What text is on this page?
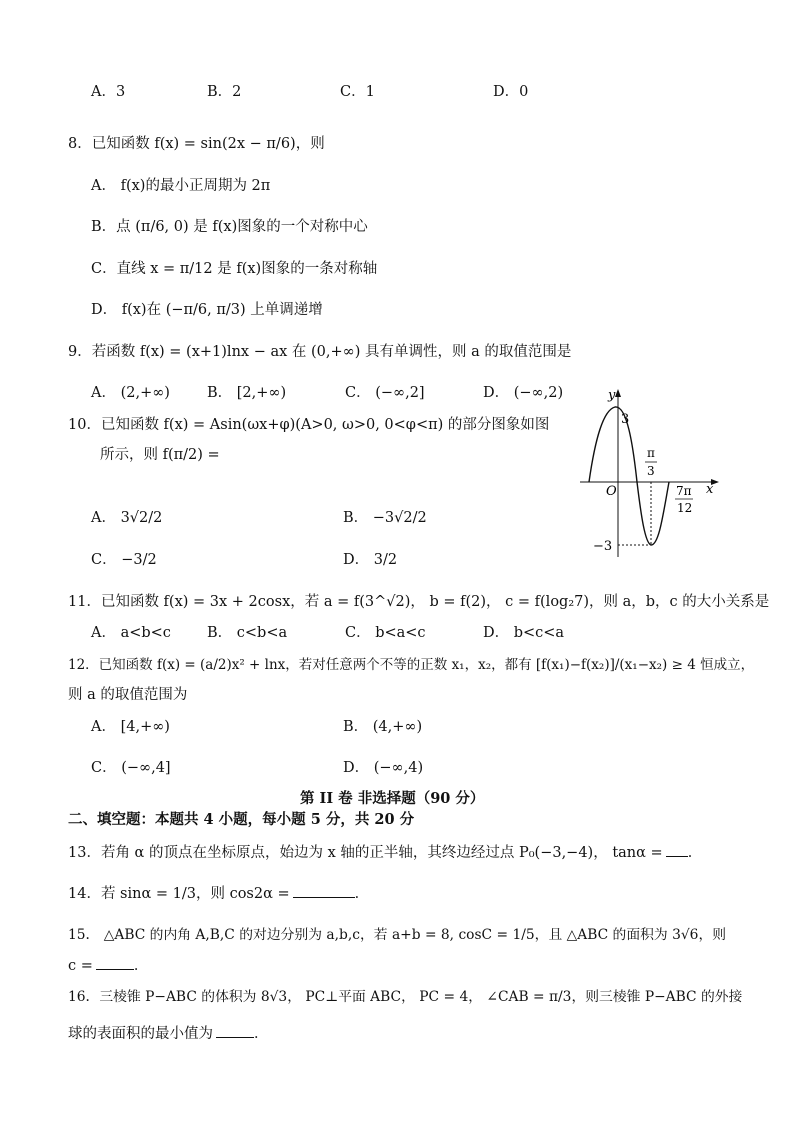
A．3	B．2	C．1	D．0
8．已知函数 f(x) = sin(2x − π/6)，则
A． f(x)的最小正周期为 2π
B．点 (π/6, 0) 是 f(x)图象的一个对称中心
C．直线 x = π/12 是 f(x)图象的一条对称轴
D． f(x)在 (−π/6, π/3) 上单调递增
9．若函数 f(x) = (x+1)lnx − ax 在 (0,+∞) 具有单调性，则 a 的取值范围是
A． (2,+∞)	B． [2,+∞)	C． (−∞,2]	D． (−∞,2)
10．已知函数 f(x) = Asin(ωx+φ)(A>0, ω>0, 0<φ<π) 的部分图象如图
所示，则 f(π/2) =
A． 3√2/2	B． −3√2/2
C． −3/2	D． 3/2
y
x
O
3
−3
π
3
7π
12
11．已知函数 f(x) = 3x + 2cosx，若 a = f(3^√2)， b = f(2)， c = f(log₂7)，则 a，b，c 的大小关系是
A． a<b<c B． c<b<a	C． b<a<c	D． b<c<a
12．已知函数 f(x) = (a/2)x² + lnx，若对任意两个不等的正数 x₁，x₂，都有 [f(x₁)−f(x₂)]/(x₁−x₂) ≥ 4 恒成立，
则 a 的取值范围为
A． [4,+∞)	B． (4,+∞)
C． (−∞,4]	D． (−∞,4)
第 II 卷 非选择题（90 分）
二、填空题：本题共 4 小题，每小题 5 分，共 20 分
13．若角 α 的顶点在坐标原点，始边为 x 轴的正半轴，其终边经过点 P₀(−3,−4)， tanα = ．
14．若 sinα = 1/3，则 cos2α =	．
15． △ABC 的内角 A,B,C 的对边分别为 a,b,c，若 a+b = 8, cosC = 1/5，且 △ABC 的面积为 3√6，则
c =	．
16．三棱锥 P−ABC 的体积为 8√3， PC⊥平面 ABC， PC = 4， ∠CAB = π/3，则三棱锥 P−ABC 的外接
球的表面积的最小值为	．
